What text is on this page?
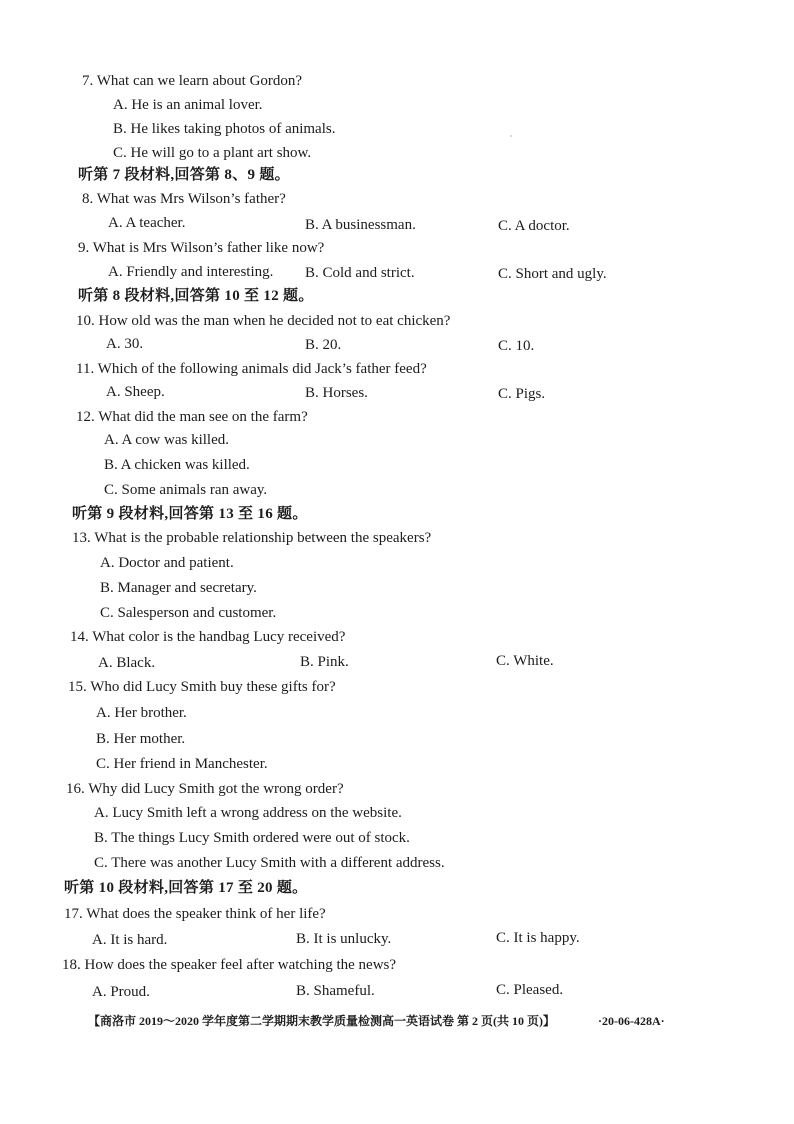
7. What can we learn about Gordon?
A. He is an animal lover.
B. He likes taking photos of animals.
C. He will go to a plant art show.
听第 7 段材料,回答第 8、9 题。
8. What was Mrs Wilson’s father?
A. A teacher.	B. A businessman.	C. A doctor.
9. What is Mrs Wilson’s father like now?
A. Friendly and interesting. B. Cold and strict.	C. Short and ugly.
听第 8 段材料,回答第 10 至 12 题。
10. How old was the man when he decided not to eat chicken?
A. 30.	B. 20.	C. 10.
11. Which of the following animals did Jack’s father feed?
A. Sheep.	B. Horses.	C. Pigs.
12. What did the man see on the farm?
A. A cow was killed.
B. A chicken was killed.
C. Some animals ran away.
听第 9 段材料,回答第 13 至 16 题。
13. What is the probable relationship between the speakers?
A. Doctor and patient.
B. Manager and secretary.
C. Salesperson and customer.
14. What color is the handbag Lucy received?
A. Black.	B. Pink.	C. White.
15. Who did Lucy Smith buy these gifts for?
A. Her brother.
B. Her mother.
C. Her friend in Manchester.
16. Why did Lucy Smith got the wrong order?
A. Lucy Smith left a wrong address on the website.
B. The things Lucy Smith ordered were out of stock.
C. There was another Lucy Smith with a different address.
听第 10 段材料,回答第 17 至 20 题。
17. What does the speaker think of her life?
A. It is hard.	B. It is unlucky.	C. It is happy.
18. How does the speaker feel after watching the news?
A. Proud.	B. Shameful.	C. Pleased.
【商洛市 2019～2020 学年度第二学期期末教学质量检测高一英语试卷 第 2 页(共 10 页)】	·20-06-428A·
